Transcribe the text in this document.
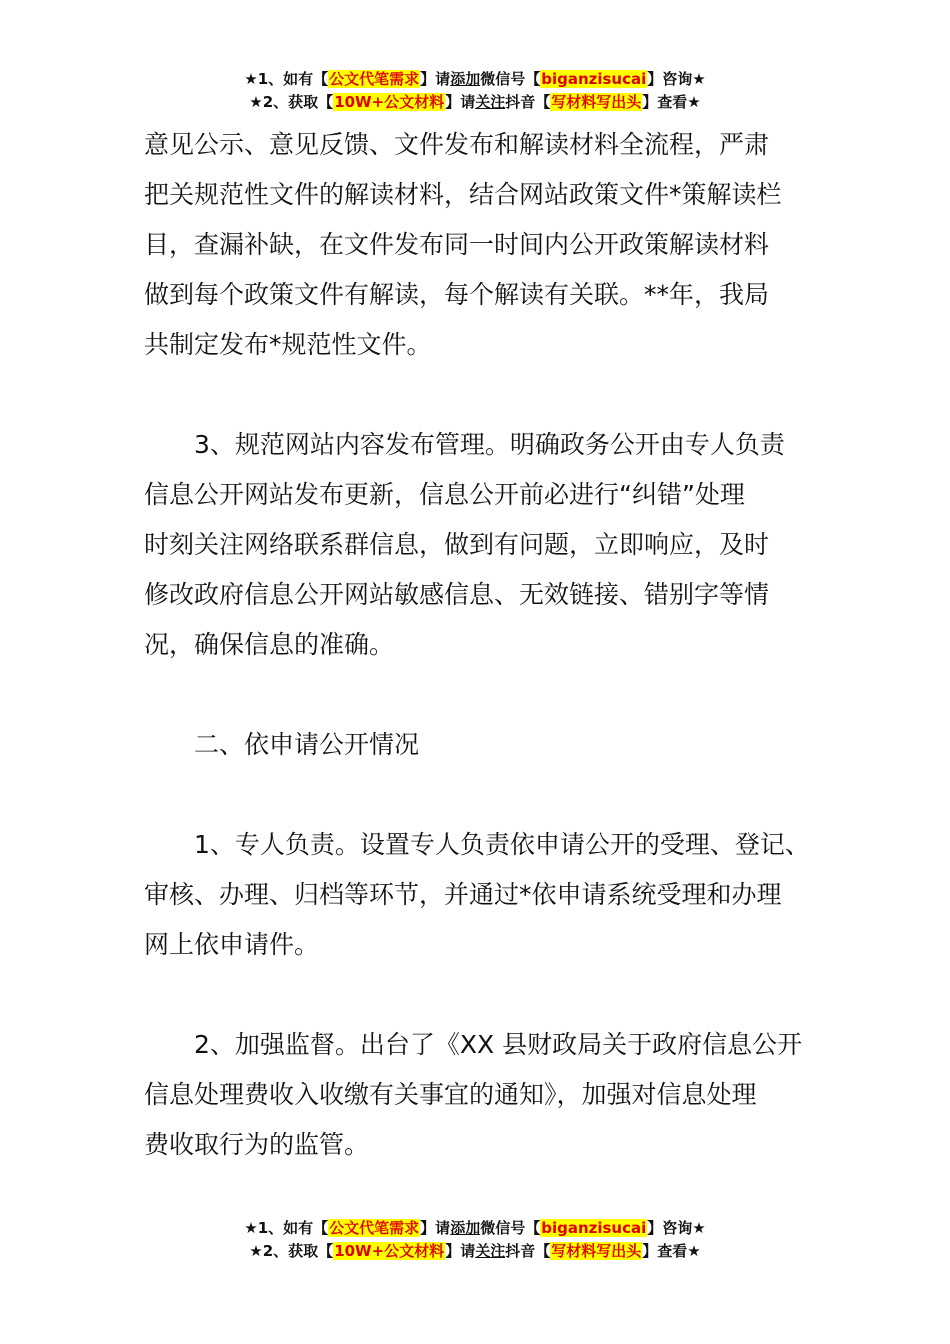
★1、如有【公文代笔需求】请添加微信号【biganzisucai】咨询★
★2、获取【10W+公文材料】请关注抖音【写材料写出头】查看★
意见公示、意见反馈、文件发布和解读材料全流程，严肃
把关规范性文件的解读材料，结合网站政策文件*策解读栏
目，查漏补缺，在文件发布同一时间内公开政策解读材料
做到每个政策文件有解读，每个解读有关联。**年，我局
共制定发布*规范性文件。
3、规范网站内容发布管理。明确政务公开由专人负责
信息公开网站发布更新，信息公开前必进行“纠错”处理
时刻关注网络联系群信息，做到有问题，立即响应，及时
修改政府信息公开网站敏感信息、无效链接、错别字等情
况，确保信息的准确。
二、依申请公开情况
1、专人负责。设置专人负责依申请公开的受理、登记、
审核、办理、归档等环节，并通过*依申请系统受理和办理
网上依申请件。
2、加强监督。出台了《XX 县财政局关于政府信息公开
信息处理费收入收缴有关事宜的通知》，加强对信息处理
费收取行为的监管。
★1、如有【公文代笔需求】请添加微信号【biganzisucai】咨询★
★2、获取【10W+公文材料】请关注抖音【写材料写出头】查看★
